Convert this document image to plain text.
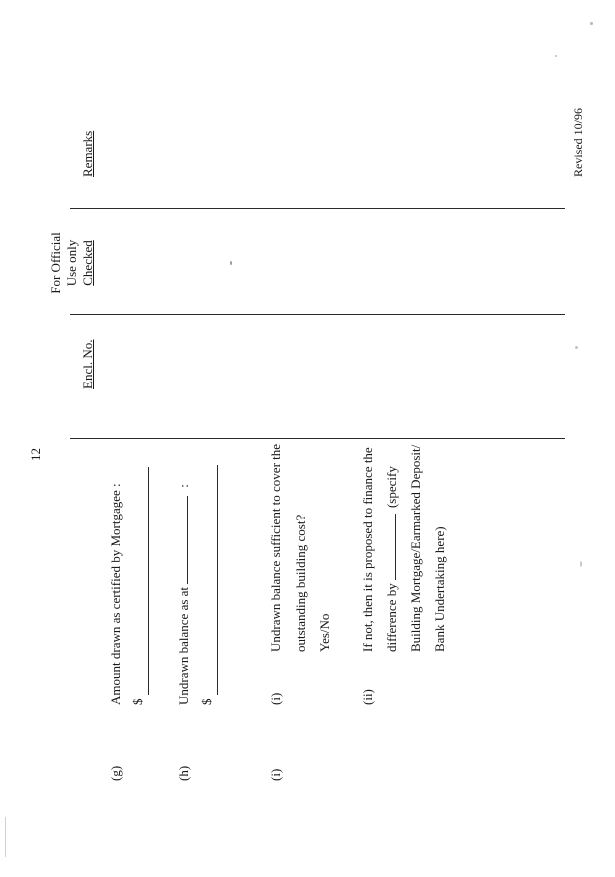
12
(g)
Amount drawn as certified by Mortgagee : $
(h)
Undrawn balance as at :
$
(i)
(i)
Undrawn balance sufficient to cover the outstanding building cost? Yes/No
(ii)
If not, then it is proposed to finance the difference by (specify Building Mortgage/Earmarked Deposit/ Bank Undertaking here)
Encl. No.
For Official Use only Checked
Remarks	Revised 10/96
